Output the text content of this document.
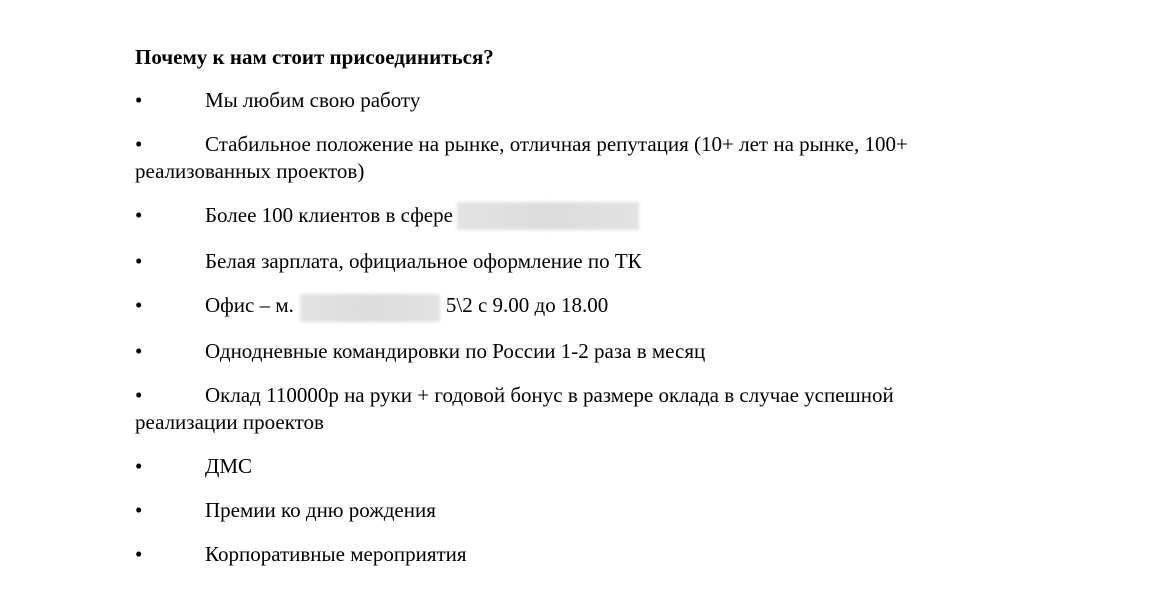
Почему к нам стоит присоединиться?
•	Мы любим свою работу
•	Стабильное положение на рынке, отличная репутация (10+ лет на рынке, 100+
реализованных проектов)
•	Более 100 клиентов в сфере
•	Белая зарплата, официальное оформление по ТК
•	Офис – м.	5\2 с 9.00 до 18.00
•	Однодневные командировки по России 1-2 раза в месяц
•	Оклад 110000р на руки + годовой бонус в размере оклада в случае успешной
реализации проектов
•	ДМС
•	Премии ко дню рождения
•	Корпоративные мероприятия
